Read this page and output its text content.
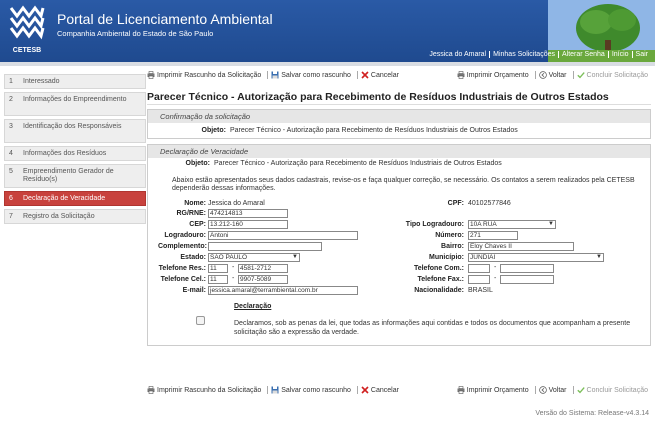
CETESB
Portal de Licenciamento Ambiental
Companhia Ambiental do Estado de São Paulo
Jessica do Amaral	Minhas Solicitações	Alterar Senha	Início	Sair
1	Interessado
2	Informações do Empreendimento
3	Identificação dos Responsáveis
4	Informações dos Resíduos
5	Empreendimento Gerador de Resíduo(s)
6	Declaração de Veracidade
7	Registro da Solicitação
Imprimir Rascunho da Solicitação	Salvar como rascunho	Cancelar	Imprimir Orçamento	Voltar	Concluir Solicitação
Parecer Técnico - Autorização para Recebimento de Resíduos Industriais de Outros Estados
Confirmação da solicitação
Objeto: Parecer Técnico - Autorização para Recebimento de Resíduos Industriais de Outros Estados
Declaração de Veracidade
Objeto: Parecer Técnico - Autorização para Recebimento de Resíduos Industriais de Outros Estados
Abaixo estão apresentados seus dados cadastrais, revise-os e faça qualquer correção, se necessário. Os contatos a serem realizados pela CETESB dependerão dessas informações.
Nome: Jessica do Amaral
RG/RNE: 474214813
CEP: 13.212-160
Logradouro: Antoni
Complemento:
Estado: SAO PAULO ▼
Telefone Res.: 11	- 4581-2712
Telefone Cel.: 11	- 9907-5089
E-mail: jessica.amaral@terrambiental.com.br
CPF: 40102577846
Tipo Logradouro: 10A RUA ▼
Número: 271
Bairro: Eloy Chaves II
Município: JUNDIAI ▼
Telefone Com.:	-
Telefone Fax.:	-
Nacionalidade: BRASIL
Declaração
Declaramos, sob as penas da lei, que todas as informações aqui contidas e todos os documentos que acompanham a presente solicitação são a expressão da verdade.
Imprimir Rascunho da Solicitação	Salvar como rascunho	Cancelar	Imprimir Orçamento	Voltar	Concluir Solicitação
Versão do Sistema: Release-v4.3.14
